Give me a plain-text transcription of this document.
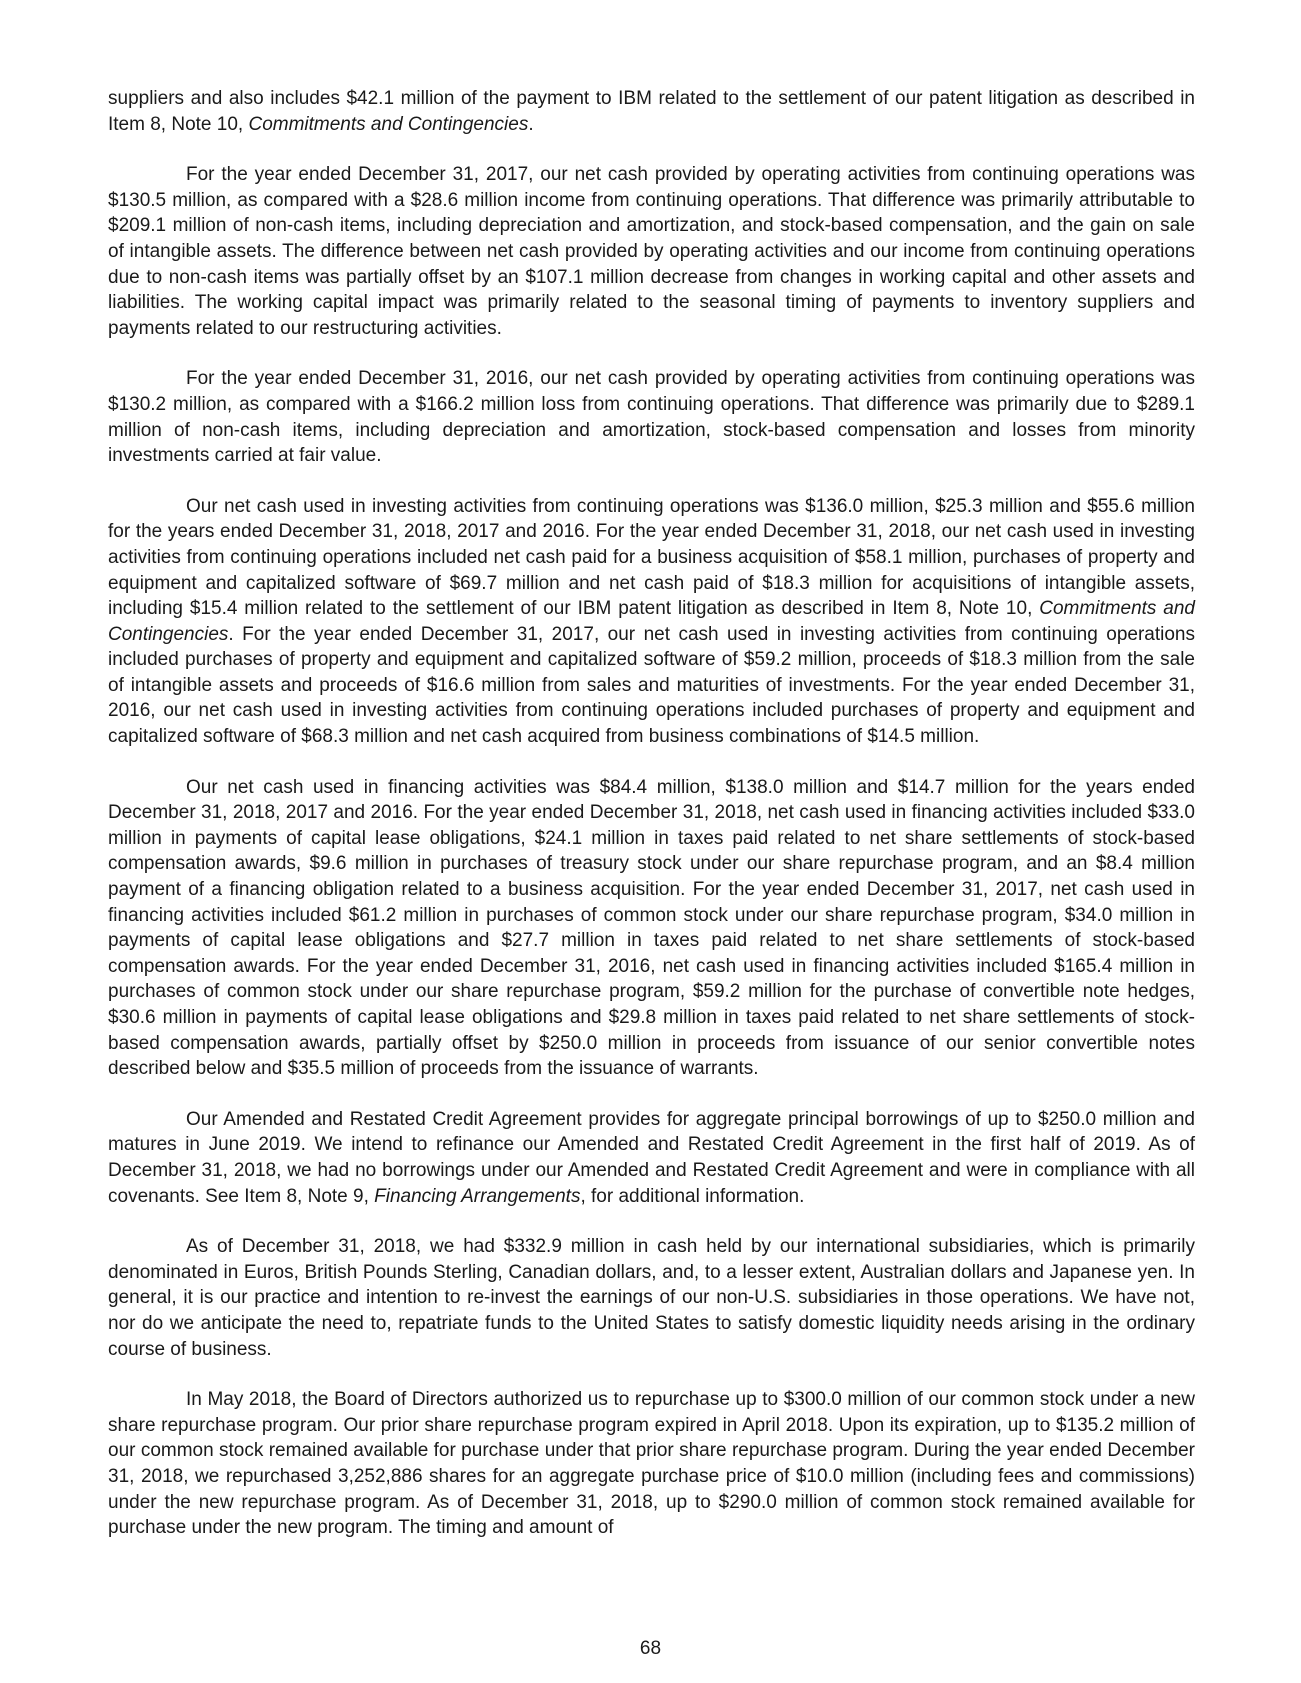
suppliers and also includes $42.1 million of the payment to IBM related to the settlement of our patent litigation as described in Item 8, Note 10, Commitments and Contingencies.

For the year ended December 31, 2017, our net cash provided by operating activities from continuing operations was $130.5 million, as compared with a $28.6 million income from continuing operations. That difference was primarily attributable to $209.1 million of non-cash items, including depreciation and amortization, and stock-based compensation, and the gain on sale of intangible assets. The difference between net cash provided by operating activities and our income from continuing operations due to non-cash items was partially offset by an $107.1 million decrease from changes in working capital and other assets and liabilities. The working capital impact was primarily related to the seasonal timing of payments to inventory suppliers and payments related to our restructuring activities.

For the year ended December 31, 2016, our net cash provided by operating activities from continuing operations was $130.2 million, as compared with a $166.2 million loss from continuing operations. That difference was primarily due to $289.1 million of non-cash items, including depreciation and amortization, stock-based compensation and losses from minority investments carried at fair value.

Our net cash used in investing activities from continuing operations was $136.0 million, $25.3 million and $55.6 million for the years ended December 31, 2018, 2017 and 2016. For the year ended December 31, 2018, our net cash used in investing activities from continuing operations included net cash paid for a business acquisition of $58.1 million, purchases of property and equipment and capitalized software of $69.7 million and net cash paid of $18.3 million for acquisitions of intangible assets, including $15.4 million related to the settlement of our IBM patent litigation as described in Item 8, Note 10, Commitments and Contingencies. For the year ended December 31, 2017, our net cash used in investing activities from continuing operations included purchases of property and equipment and capitalized software of $59.2 million, proceeds of $18.3 million from the sale of intangible assets and proceeds of $16.6 million from sales and maturities of investments. For the year ended December 31, 2016, our net cash used in investing activities from continuing operations included purchases of property and equipment and capitalized software of $68.3 million and net cash acquired from business combinations of $14.5 million.

Our net cash used in financing activities was $84.4 million, $138.0 million and $14.7 million for the years ended December 31, 2018, 2017 and 2016. For the year ended December 31, 2018, net cash used in financing activities included $33.0 million in payments of capital lease obligations, $24.1 million in taxes paid related to net share settlements of stock-based compensation awards, $9.6 million in purchases of treasury stock under our share repurchase program, and an $8.4 million payment of a financing obligation related to a business acquisition. For the year ended December 31, 2017, net cash used in financing activities included $61.2 million in purchases of common stock under our share repurchase program, $34.0 million in payments of capital lease obligations and $27.7 million in taxes paid related to net share settlements of stock-based compensation awards. For the year ended December 31, 2016, net cash used in financing activities included $165.4 million in purchases of common stock under our share repurchase program, $59.2 million for the purchase of convertible note hedges, $30.6 million in payments of capital lease obligations and $29.8 million in taxes paid related to net share settlements of stock-based compensation awards, partially offset by $250.0 million in proceeds from issuance of our senior convertible notes described below and $35.5 million of proceeds from the issuance of warrants.

Our Amended and Restated Credit Agreement provides for aggregate principal borrowings of up to $250.0 million and matures in June 2019. We intend to refinance our Amended and Restated Credit Agreement in the first half of 2019. As of December 31, 2018, we had no borrowings under our Amended and Restated Credit Agreement and were in compliance with all covenants. See Item 8, Note 9, Financing Arrangements, for additional information.

As of December 31, 2018, we had $332.9 million in cash held by our international subsidiaries, which is primarily denominated in Euros, British Pounds Sterling, Canadian dollars, and, to a lesser extent, Australian dollars and Japanese yen. In general, it is our practice and intention to re-invest the earnings of our non-U.S. subsidiaries in those operations. We have not, nor do we anticipate the need to, repatriate funds to the United States to satisfy domestic liquidity needs arising in the ordinary course of business.

In May 2018, the Board of Directors authorized us to repurchase up to $300.0 million of our common stock under a new share repurchase program. Our prior share repurchase program expired in April 2018. Upon its expiration, up to $135.2 million of our common stock remained available for purchase under that prior share repurchase program. During the year ended December 31, 2018, we repurchased 3,252,886 shares for an aggregate purchase price of $10.0 million (including fees and commissions) under the new repurchase program. As of December 31, 2018, up to $290.0 million of common stock remained available for purchase under the new program. The timing and amount of

68
